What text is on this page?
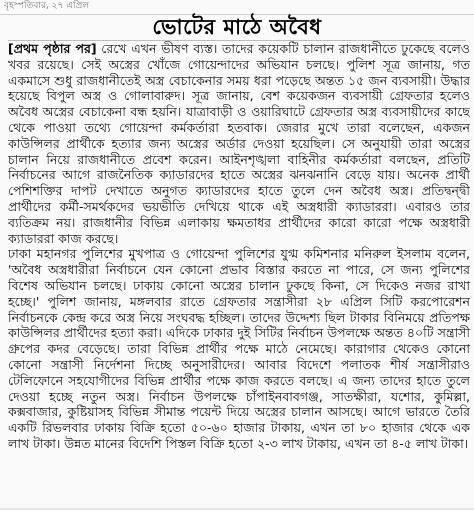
বৃহস্পতিবার, ২৭ এপ্রিল
ভোটের মাঠে অবৈধ

[প্রথম পৃষ্ঠার পর] রেখে এখন ভীষণ ব্যস্ত। তাদের কয়েকটি চালান রাজধানীতে ঢুকেছে বলেও খবর রয়েছে। সেই অস্ত্রের খোঁজে গোয়েন্দাদের অভিযান চলছে। পুলিশ সূত্র জানায়, গত একমাসে শুধু রাজধানীতেই অস্ত্র বেচাকেনার সময় ধরা পড়েছে অন্তত ১৫ জন ব্যবসায়ী। উদ্ধার হয়েছে বিপুল অস্ত্র ও গোলাবারুদ। সূত্র জানায়, বেশ কয়েকজন ব্যবসায়ী গ্রেফতার হলেও অবৈধ অস্ত্রের বেচাকেনা বন্ধ হয়নি। যাত্রাবাড়ী ও ওয়ারিঘাটে গ্রেফতার অস্ত্র ব্যবসায়ীদের কাছে থেকে পাওয়া তথ্যে গোয়েন্দা কর্মকর্তারা হতবাক। জেরার মুখে তারা বলেছেন, একজন কাউন্সিলর প্রার্থীকে হত্যার জন্য অস্ত্রের অর্ডার দেওয়া হয়েছিল। সে অনুযায়ী তারা অস্ত্রের চালান নিয়ে রাজধানীতে প্রবেশ করেন। আইনশৃঙ্খলা বাহিনীর কর্মকর্তারা বলছেন, প্রতিটি নির্বাচনের আগে রাজনৈতিক ক্যাডারদের হাতে অস্ত্রের ঝনঝনানি বেড়ে যায়। অনেক প্রার্থী পেশিশক্তির দাপট দেখাতে অনুগত ক্যাডারদের হাতে তুলে দেন অবৈধ অস্ত্র। প্রতিদ্বন্দ্বী প্রার্থীদের কর্মী-সমর্থকদের ভয়ভীতি দেখিয়ে থাকে এই অস্ত্রধারী ক্যাডাররা। এবারও তার ব্যতিক্রম নয়। রাজধানীর বিভিন্ন এলাকায় ক্ষমতাধর প্রার্থীদের কারো কারো পক্ষে অস্ত্রধারী ক্যাডাররা কাজ করছে।

ঢাকা মহানগর পুলিশের মুখপাত্র ও গোয়েন্দা পুলিশের যুগ্ম কমিশনার মনিরুল ইসলাম বলেন, 'অবৈধ অস্ত্রধারীরা নির্বাচনে যেন কোনো প্রভাব বিস্তার করতে না পারে, সে জন্য পুলিশের বিশেষ অভিযান চলছে। ঢাকায় কোনো অস্ত্রের চালান ঢুকছে কিনা, সে দিকেও নজর রাখা হচ্ছে।' পুলিশ জানায়, মঙ্গলবার রাতে গ্রেফতার সন্ত্রাসীরা ২৮ এপ্রিল সিটি করপোরেশন নির্বাচনকে কেন্দ্র করে অস্ত্র নিয়ে সংঘবদ্ধ হচ্ছিল। তাদের উদ্দেশ্য ছিল টাকার বিনিময়ে প্রতিপক্ষ কাউন্সিলর প্রার্থীদের হত্যা করা। এদিকে ঢাকার দুই সিটির নির্বাচন উপলক্ষে অন্তত ৪০টি সন্ত্রাসী গ্রুপের কদর বেড়েছে। তারা বিভিন্ন প্রার্থীর পক্ষে মাঠে নেমেছে। কারাগার থেকেও কোনো কোনো সন্ত্রাসী নির্দেশনা দিচ্ছে অনুসারীদের। আবার বিদেশে পলাতক শীর্ষ সন্ত্রাসীরাও টেলিফোনে সহযোগীদের বিভিন্ন প্রার্থীর পক্ষে কাজ করতে বলছে। এ জন্য তাদের হাতে তুলে দেওয়া হচ্ছে নতুন অস্ত্র। নির্বাচন উপলক্ষে চাঁপাইনবাবগঞ্জ, সাতক্ষীরা, যশোর, কুমিল্লা, কক্সবাজার, কুষ্টিয়াসহ বিভিন্ন সীমান্ত পয়েন্ট দিয়ে অস্ত্রের চালান আসছে। আগে ভারতে তৈরি একটি রিভলবার ঢাকায় বিক্রি হতো ৫০-৬০ হাজার টাকায়, এখন তা ৮০ হাজার থেকে এক লাখ টাকা। উন্নত মানের বিদেশি পিস্তল বিক্রি হতো ২-৩ লাখ টাকায়, এখন তা ৪-৫ লাখ টাকা।
